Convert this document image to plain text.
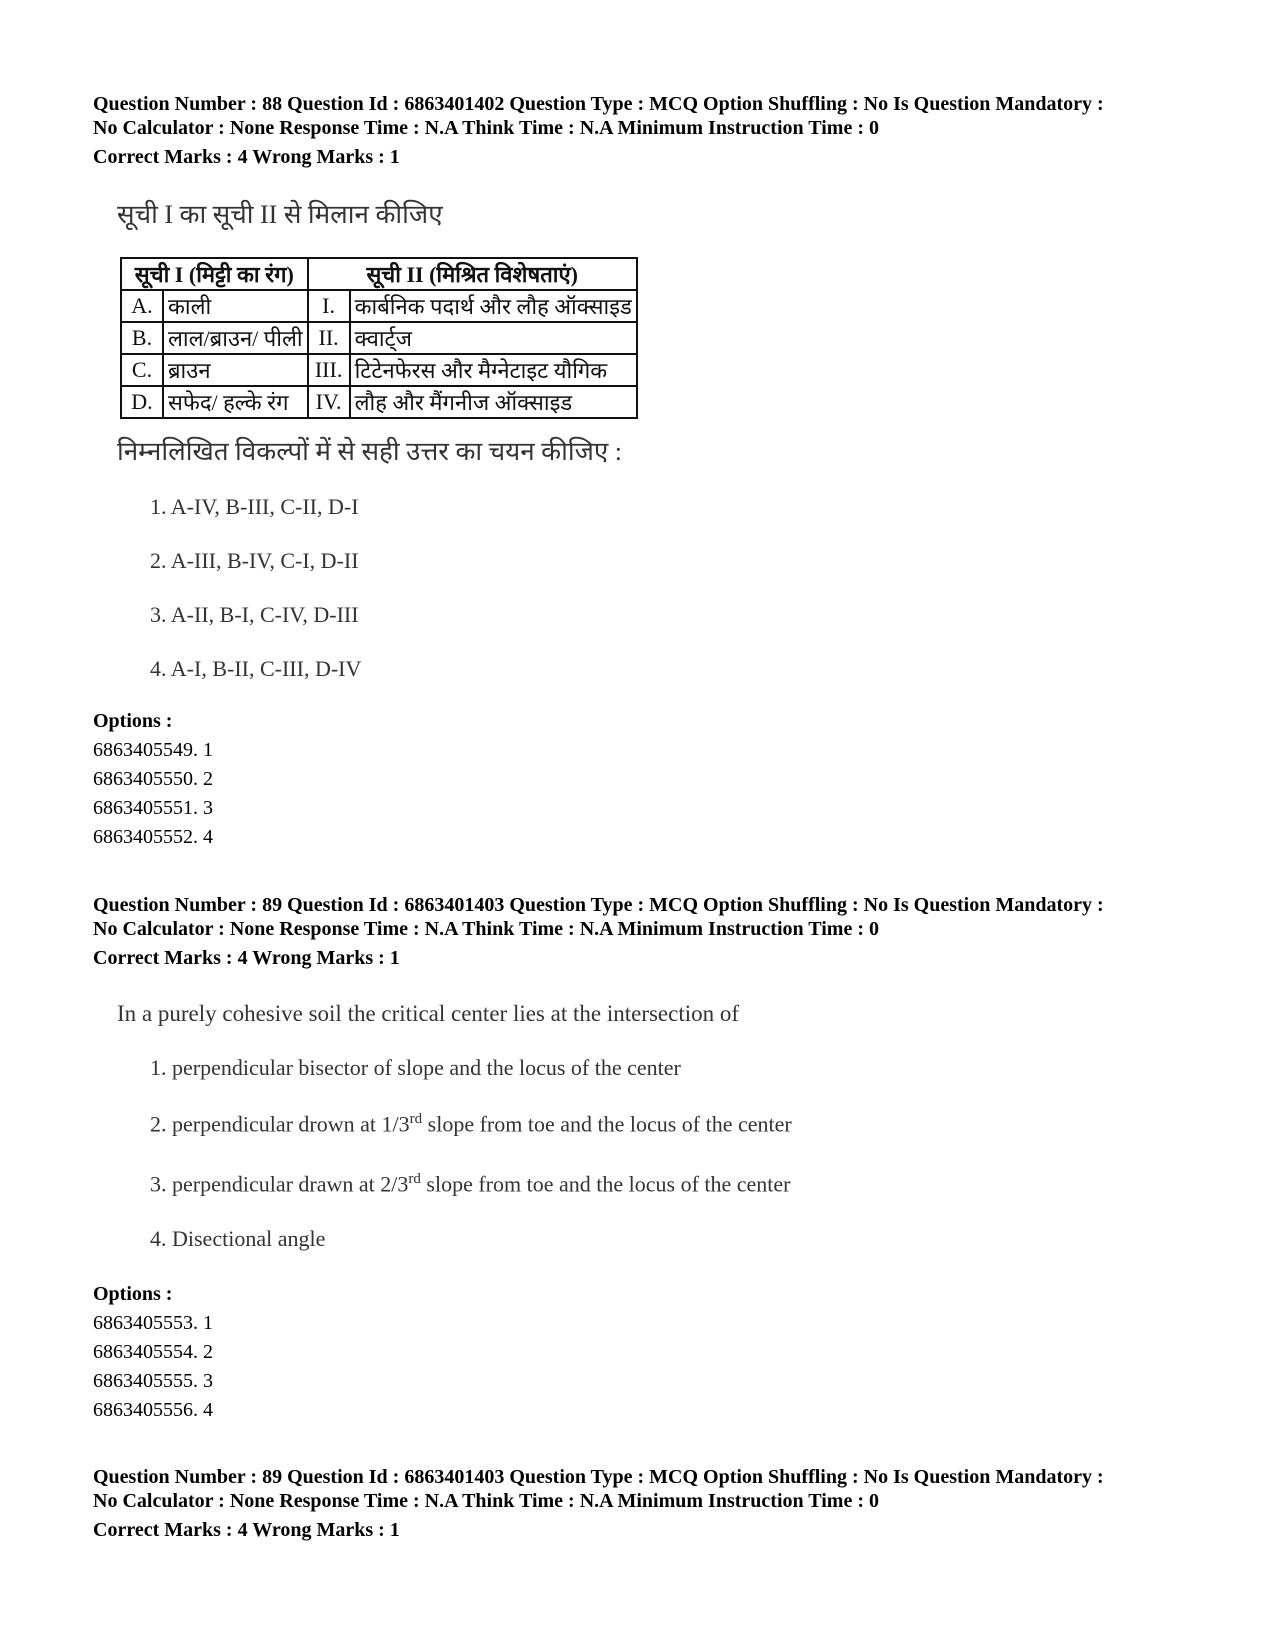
Question Number : 88 Question Id : 6863401402 Question Type : MCQ Option Shuffling : No Is Question Mandatory :
No Calculator : None Response Time : N.A Think Time : N.A Minimum Instruction Time : 0
Correct Marks : 4 Wrong Marks : 1
सूची I का सूची II से मिलान कीजिए
सूची I (मिट्टी का रंग)		सूची II (मिश्रित विशेषताएं)	
A.	काली	I.	कार्बनिक पदार्थ और लौह ऑक्साइड
B.	लाल/ब्राउन/ पीली	II.	क्वार्ट्ज
C.	ब्राउन	III.	टिटेनफेरस और मैग्नेटाइट यौगिक
D.	सफेद/ हल्के रंग	IV.	लौह और मैंगनीज ऑक्साइड
निम्नलिखित विकल्पों में से सही उत्तर का चयन कीजिए :
1. A-IV, B-III, C-II, D-I
2. A-III, B-IV, C-I, D-II
3. A-II, B-I, C-IV, D-III
4. A-I, B-II, C-III, D-IV
Options :
6863405549. 1
6863405550. 2
6863405551. 3
6863405552. 4
Question Number : 89 Question Id : 6863401403 Question Type : MCQ Option Shuffling : No Is Question Mandatory :
No Calculator : None Response Time : N.A Think Time : N.A Minimum Instruction Time : 0
Correct Marks : 4 Wrong Marks : 1
In a purely cohesive soil the critical center lies at the intersection of
1. perpendicular bisector of slope and the locus of the center
2. perpendicular drown at 1/3rd slope from toe and the locus of the center
3. perpendicular drawn at 2/3rd slope from toe and the locus of the center
4. Disectional angle
Options :
6863405553. 1
6863405554. 2
6863405555. 3
6863405556. 4
Question Number : 89 Question Id : 6863401403 Question Type : MCQ Option Shuffling : No Is Question Mandatory :
No Calculator : None Response Time : N.A Think Time : N.A Minimum Instruction Time : 0
Correct Marks : 4 Wrong Marks : 1
